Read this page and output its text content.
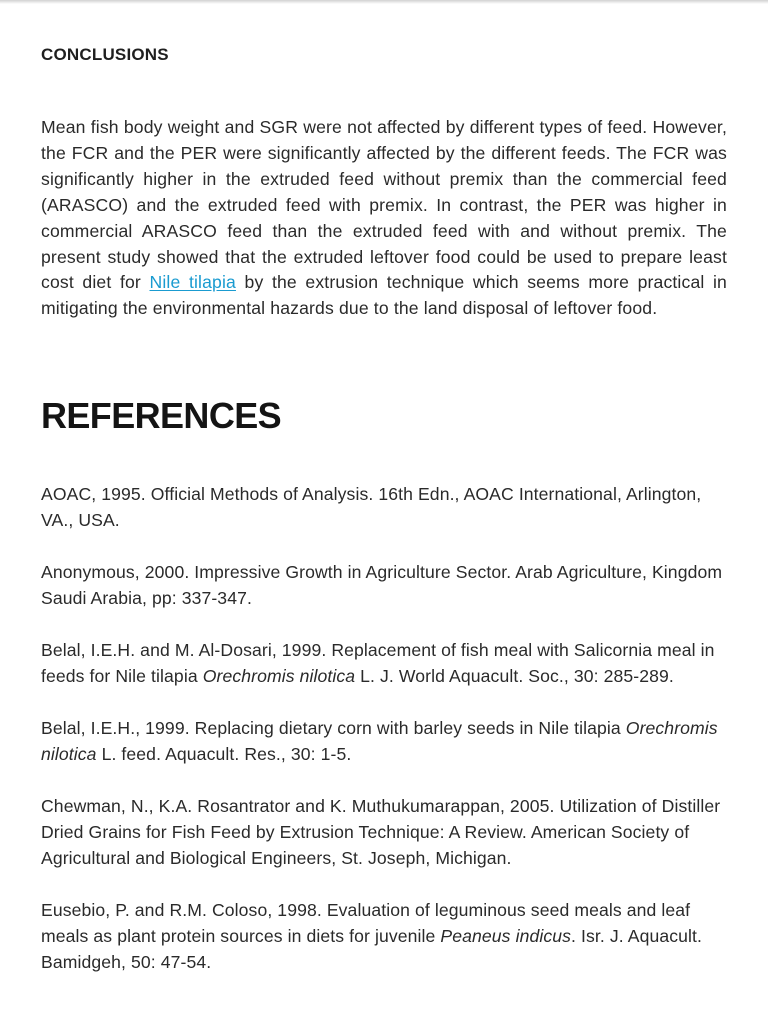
CONCLUSIONS

Mean fish body weight and SGR were not affected by different types of feed. However, the FCR and the PER were significantly affected by the different feeds. The FCR was significantly higher in the extruded feed without premix than the commercial feed (ARASCO) and the extruded feed with premix. In contrast, the PER was higher in commercial ARASCO feed than the extruded feed with and without premix. The present study showed that the extruded leftover food could be used to prepare least cost diet for Nile tilapia by the extrusion technique which seems more practical in mitigating the environmental hazards due to the land disposal of leftover food.

REFERENCES
AOAC, 1995. Official Methods of Analysis. 16th Edn., AOAC International, Arlington, VA., USA.
Anonymous, 2000. Impressive Growth in Agriculture Sector. Arab Agriculture, Kingdom Saudi Arabia, pp: 337-347.
Belal, I.E.H. and M. Al-Dosari, 1999. Replacement of fish meal with Salicornia meal in feeds for Nile tilapia Orechromis nilotica L. J. World Aquacult. Soc., 30: 285-289.
Belal, I.E.H., 1999. Replacing dietary corn with barley seeds in Nile tilapia Orechromis nilotica L. feed. Aquacult. Res., 30: 1-5.
Chewman, N., K.A. Rosantrator and K. Muthukumarappan, 2005. Utilization of Distiller Dried Grains for Fish Feed by Extrusion Technique: A Review. American Society of Agricultural and Biological Engineers, St. Joseph, Michigan.
Eusebio, P. and R.M. Coloso, 1998. Evaluation of leguminous seed meals and leaf meals as plant protein sources in diets for juvenile Peaneus indicus. Isr. J. Aquacult. Bamidgeh, 50: 47-54.
